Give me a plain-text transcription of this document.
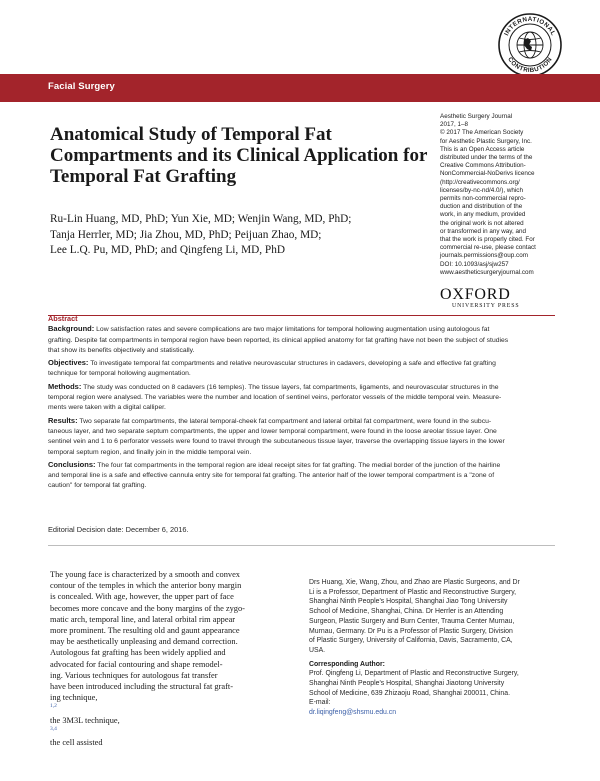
INTERNATIONAL
CONTRIBUTION
Facial Surgery
Anatomical Study of Temporal Fat
Compartments and its Clinical Application for
Temporal Fat Grafting
Ru-Lin Huang, MD, PhD; Yun Xie, MD; Wenjin Wang, MD, PhD;
Tanja Herrler, MD; Jia Zhou, MD, PhD; Peijuan Zhao, MD;
Lee L.Q. Pu, MD, PhD; and Qingfeng Li, MD, PhD
Aesthetic Surgery Journal
2017, 1–8
© 2017 The American Society
for Aesthetic Plastic Surgery, Inc.
This is an Open Access article
distributed under the terms of the
Creative Commons Attribution-
NonCommercial-NoDerivs licence
(http://creativecommons.org/
licenses/by-nc-nd/4.0/), which
permits non-commercial repro-
duction and distribution of the
work, in any medium, provided
the original work is not altered
or transformed in any way, and
that the work is properly cited. For
commercial re-use, please contact
journals.permissions@oup.com
DOI: 10.1093/asj/sjw257
www.aestheticsurgeryjournal.com
OXFORD
UNIVERSITY PRESS
Abstract
Background: Low satisfaction rates and severe complications are two major limitations for temporal hollowing augmentation using autologous fat
grafting. Despite fat compartments in temporal region have been reported, its clinical applied anatomy for fat grafting have not been the subject of studies
that show its benefits objectively and statistically.
Objectives: To investigate temporal fat compartments and relative neurovascular structures in cadavers, developing a safe and effective fat grafting
technique for temporal hollowing augmentation.
Methods: The study was conducted on 8 cadavers (16 temples). The tissue layers, fat compartments, ligaments, and neurovascular structures in the
temporal region were analysed. The variables were the number and location of sentinel veins, perforator vessels of the middle temporal vein. Measure-
ments were taken with a digital calliper.
Results: Two separate fat compartments, the lateral temporal-cheek fat compartment and lateral orbital fat compartment, were found in the subcu-
taneous layer, and two separate septum compartments, the upper and lower temporal compartment, were found in the loose areolar tissue layer. One
sentinel vein and 1 to 6 perforator vessels were found to travel through the subcutaneous tissue layer, traverse the overlapping tissue layers in the lower
temporal septum region, and finally join in the middle temporal vein.
Conclusions: The four fat compartments in the temporal region are ideal receipt sites for fat grafting. The medial border of the junction of the hairline
and temporal line is a safe and effective cannula entry site for temporal fat grafting. The anterior half of the lower temporal compartment is a "zone of
caution" for temporal fat grafting.
Editorial Decision date: December 6, 2016.
The young face is characterized by a smooth and convex
contour of the temples in which the anterior bony margin
is concealed. With age, however, the upper part of face
becomes more concave and the bony margins of the zygo-
matic arch, temporal line, and lateral orbital rim appear
more prominent. The resulting old and gaunt appearance
may be aesthetically unpleasing and demand correction.
Autologous fat grafting has been widely applied and
advocated for facial contouring and shape remodel-
ing. Various techniques for autologous fat transfer
have been introduced including the structural fat graft-
ing technique,
$^{1,2}$
the 3M3L technique,
$^{3,4}$
the cell assisted
Drs Huang, Xie, Wang, Zhou, and Zhao are Plastic Surgeons, and Dr
Li is a Professor, Department of Plastic and Reconstructive Surgery,
Shanghai Ninth People's Hospital, Shanghai Jiao Tong University
School of Medicine, Shanghai, China. Dr Herrler is an Attending
Surgeon, Plastic Surgery and Burn Center, Trauma Center Murnau,
Murnau, Germany. Dr Pu is a Professor of Plastic Surgery, Division
of Plastic Surgery, University of California, Davis, Sacramento, CA,
USA.
Corresponding Author:
Prof. Qingfeng Li, Department of Plastic and Reconstructive Surgery,
Shanghai Ninth People's Hospital, Shanghai Jiaotong University
School of Medicine, 639 Zhizaoju Road, Shanghai 200011, China.
E-mail:
dr.liqingfeng@shsmu.edu.cn
